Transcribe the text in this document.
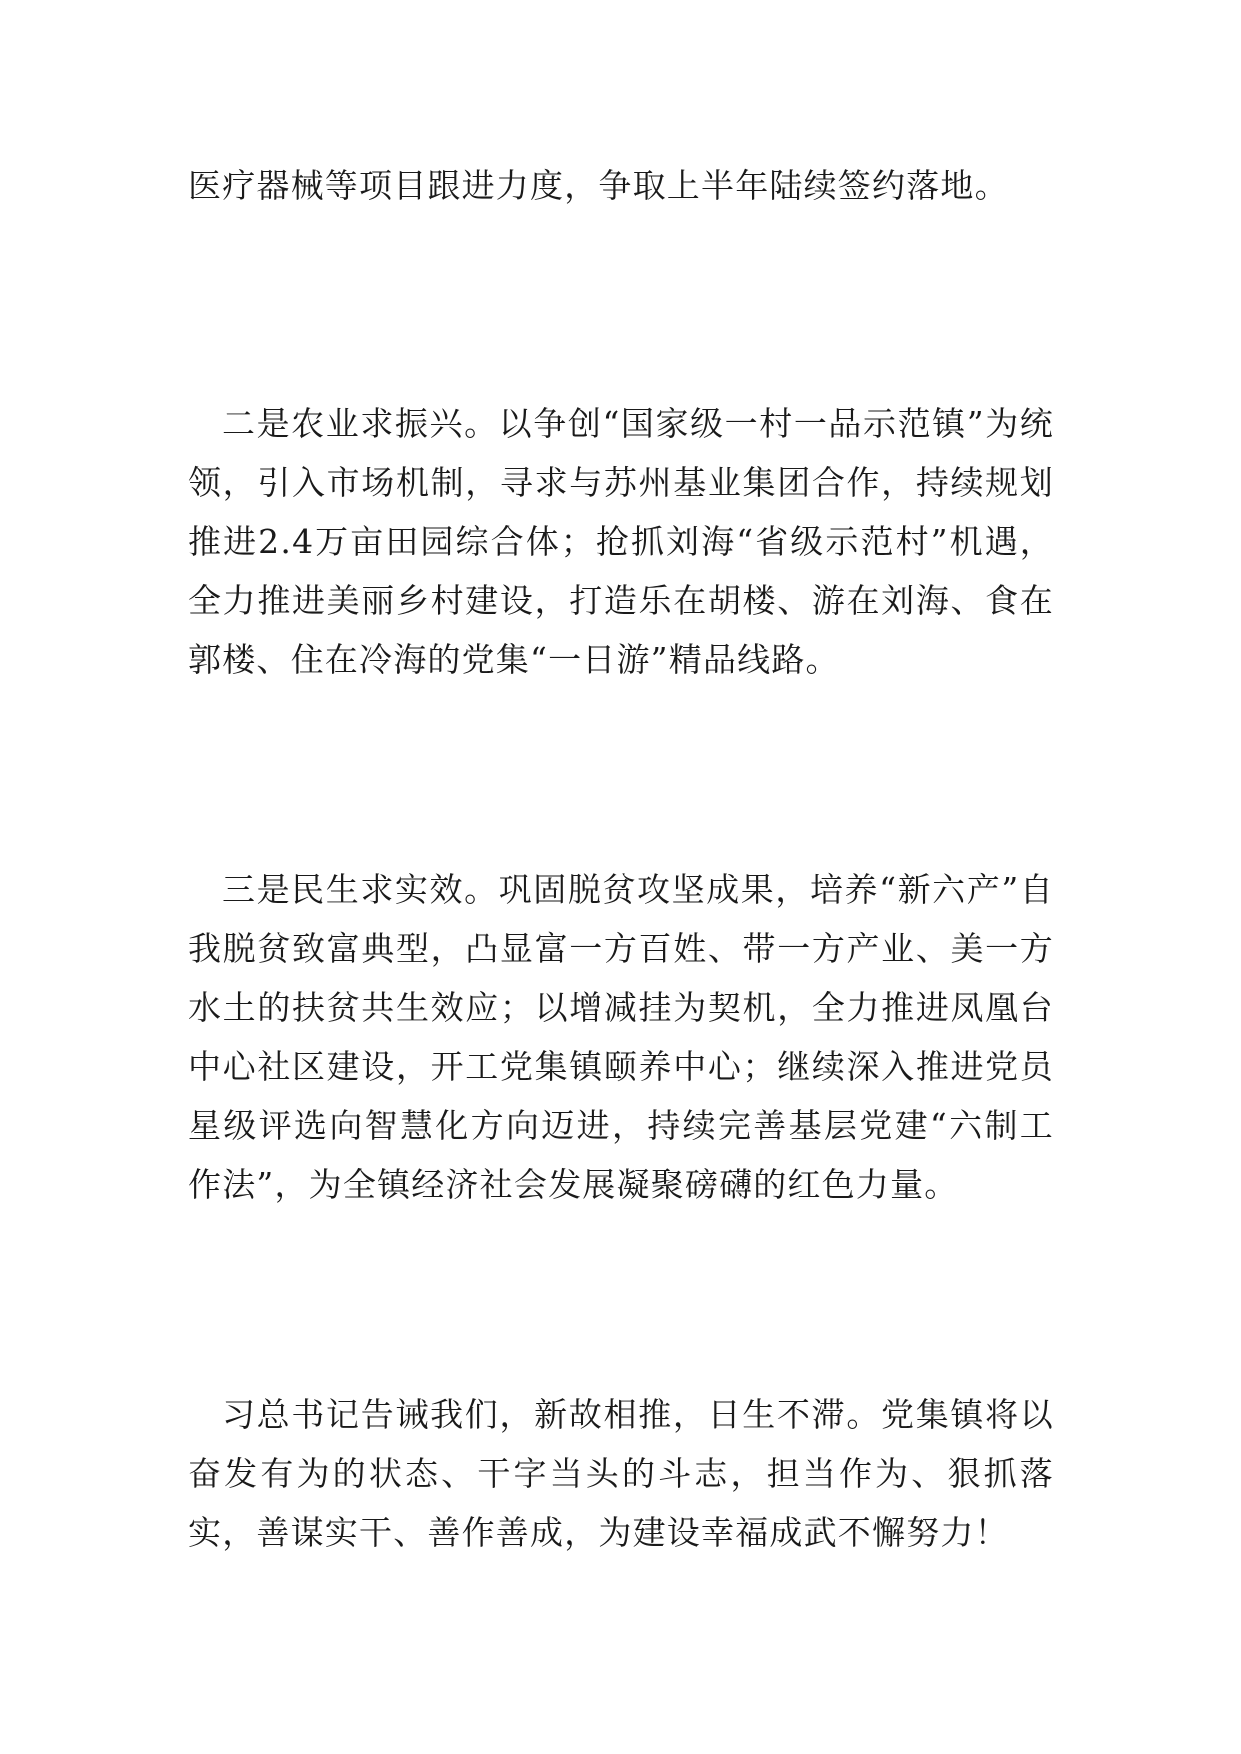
医疗器械等项目跟进力度，争取上半年陆续签约落地。

二是农业求振兴。以争创“国家级一村一品示范镇”为统领，引入市场机制，寻求与苏州基业集团合作，持续规划推进2.4万亩田园综合体；抢抓刘海“省级示范村”机遇，全力推进美丽乡村建设，打造乐在胡楼、游在刘海、食在郭楼、住在冷海的党集“一日游”精品线路。

三是民生求实效。巩固脱贫攻坚成果，培养“新六产”自我脱贫致富典型，凸显富一方百姓、带一方产业、美一方水土的扶贫共生效应；以增减挂为契机，全力推进凤凰台中心社区建设，开工党集镇颐养中心；继续深入推进党员星级评选向智慧化方向迈进，持续完善基层党建“六制工作法”，为全镇经济社会发展凝聚磅礴的红色力量。

习总书记告诫我们，新故相推，日生不滞。党集镇将以奋发有为的状态、干字当头的斗志，担当作为、狠抓落实，善谋实干、善作善成，为建设幸福成武不懈努力！
